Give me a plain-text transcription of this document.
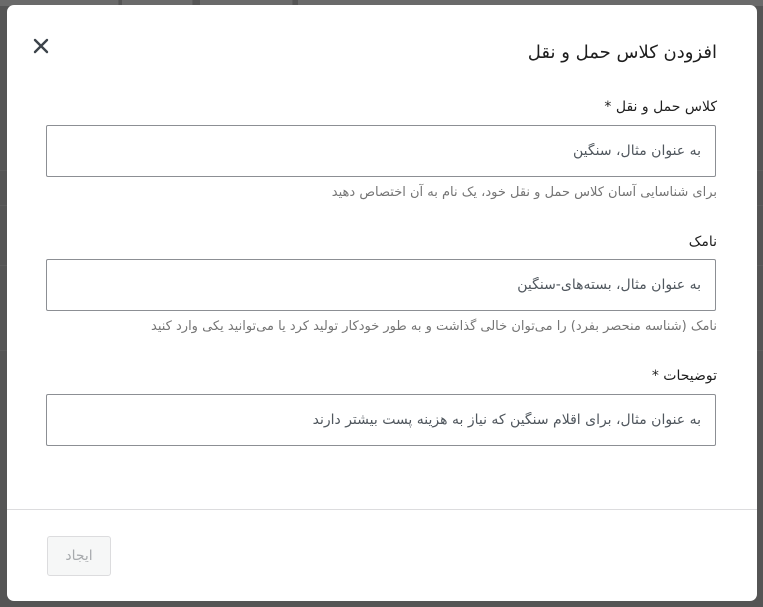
افزودن کلاس حمل و نقل
کلاس حمل و نقل *
به عنوان مثال، سنگین
برای شناسایی آسان کلاس حمل و نقل خود، یک نام به آن اختصاص دهید
نامک
به عنوان مثال، بسته‌های-سنگین
نامک (شناسه منحصر بفرد) را می‌توان خالی گذاشت و به طور خودکار تولید کرد یا می‌توانید یکی وارد کنید
توضیحات *
به عنوان مثال، برای اقلام سنگین که نیاز به هزینه پست بیشتر دارند
ایجاد
